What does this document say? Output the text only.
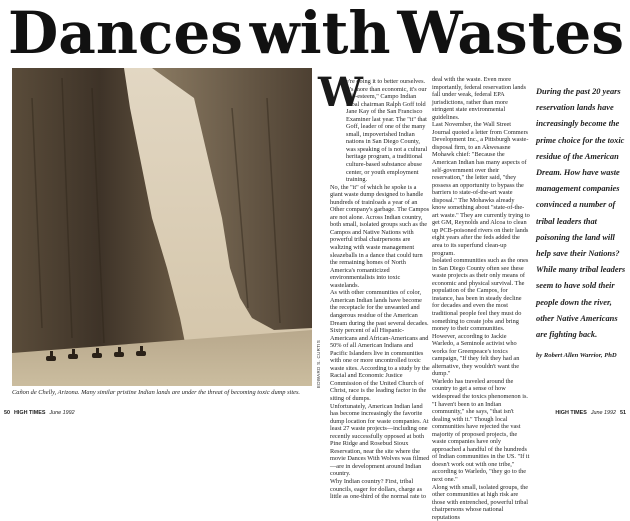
Dances with Wastes
EDWARD S. CURTIS
Cañon de Chelly, Arizona. Many similar pristine Indian lands are under the threat of becoming toxic dump sites.
W

e're doing it to better ourselves. It's more than economic, it's our self-esteem," Campo Indian tribal chairman Ralph Goff told Jane Kay of the San Francisco Examiner last year. The "it" that Goff, leader of one of the many small, impoverished Indian nations in San Diego County, was speaking of is not a cultural heritage program, a traditional culture-based substance abuse center, or youth employment training.

No, the "it" of which he spoke is a giant waste dump designed to handle hundreds of trainloads a year of an Other company's garbage. The Campos are not alone. Across Indian country, both small, isolated groups such as the Campos and Native Nations with powerful tribal chairpersons are waltzing with waste management sleazeballs in a dance that could turn the remaining homes of North America's romanticized environmentalists into toxic wastelands.

As with other communities of color, American Indian lands have become the receptacle for the unwanted and dangerous residue of the American Dream during the past several decades. Sixty percent of all Hispanic-Americans and African-Americans and 50% of all American Indians and Pacific Islanders live in communities with one or more uncontrolled toxic waste sites. According to a study by the Racial and Economic Justice Commission of the United Church of Christ, race is the leading factor in the siting of dumps.

Unfortunately, American Indian land has become increasingly the favorite dump location for waste companies. At least 27 waste projects—including one recently successfully opposed at both Pine Ridge and Rosebud Sioux Reservation, near the site where the movie Dances With Wolves was filmed—are in development around Indian country.

Why Indian country? First, tribal councils, eager for dollars, charge as little as one-third of the normal rate to

deal with the waste. Even more importantly, federal reservation lands fall under weak, federal EPA jurisdictions, rather than more stringent state environmental guidelines.

Last November, the Wall Street Journal quoted a letter from Commers Development Inc., a Pittsburgh waste-disposal firm, to an Akwesasne Mohawk chief: "Because the American Indian has many aspects of self-government over their reservation," the letter said, "they possess an opportunity to bypass the barriers to state-of-the-art waste disposal." The Mohawks already know something about "state-of-the-art waste." They are currently trying to get GM, Reynolds and Alcoa to clean up PCB-poisoned rivers on their lands eight years after the feds added the area to its superfund clean-up program.

Isolated communities such as the ones in San Diego County often see these waste projects as their only means of economic and physical survival. The population of the Campos, for instance, has been in steady decline for decades and even the most traditional people feel they must do something to create jobs and bring money to their communities. However, according to Jackie Warledo, a Seminole activist who works for Greenpeace's toxics campaign, "If they felt they had an alternative, they wouldn't want the dump."

Warledo has traveled around the country to get a sense of how widespread the toxics phenomenon is. "I haven't been to an Indian community," she says, "that isn't dealing with it." Though local communities have rejected the vast majority of proposed projects, the waste companies have only approached a handful of the hundreds of Indian communities in the US. "If it doesn't work out with one tribe," according to Warledo, "they go to the next one."

Along with small, isolated groups, the other communities at high risk are those with entrenched, powerful tribal chairpersons whose national reputations

During the past 20 years reservation lands have increasingly become the prime choice for the toxic residue of the American Dream. How have waste management companies convinced a number of tribal leaders that poisoning the land will help save their Nations? While many tribal leaders seem to have sold their people down the river, other Native Americans are fighting back.
by Robert Allen Warrior, PhD
50 HIGH TIMES June 1992	HIGH TIMES June 1992 51
